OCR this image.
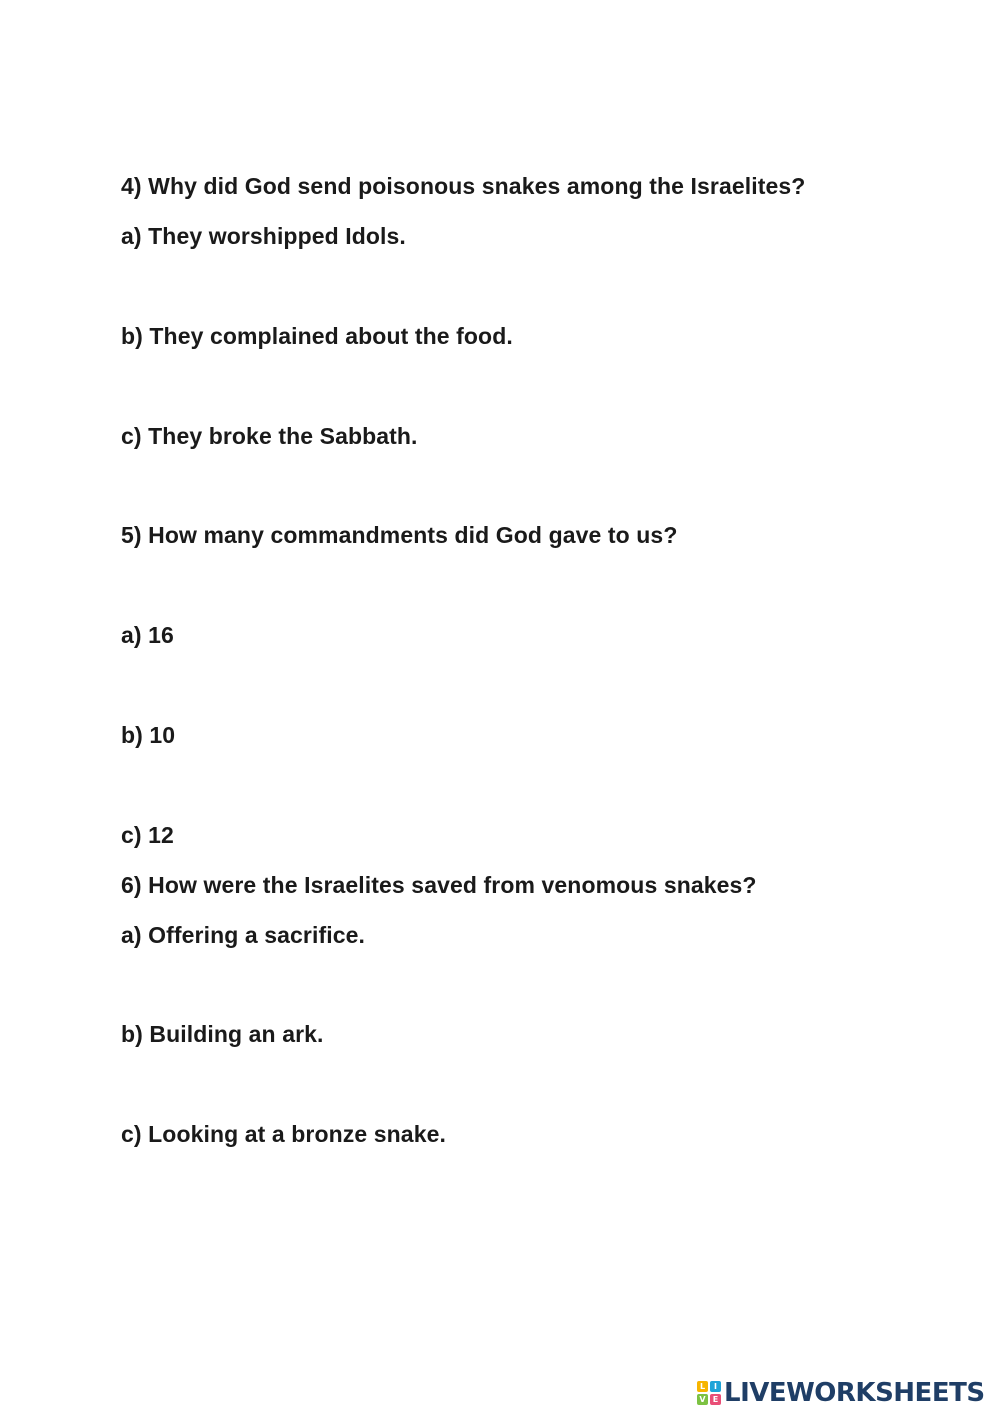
4) Why did God send poisonous snakes among the Israelites?
a) They worshipped Idols.
b) They complained about the food.
c) They broke the Sabbath.
5) How many commandments did God gave to us?
a) 16
b) 10
c) 12
6) How were the Israelites saved from venomous snakes?
a) Offering a sacrifice.
b) Building an ark.
c) Looking at a bronze snake.
L	I
V E LIVEWORKSHEETS
